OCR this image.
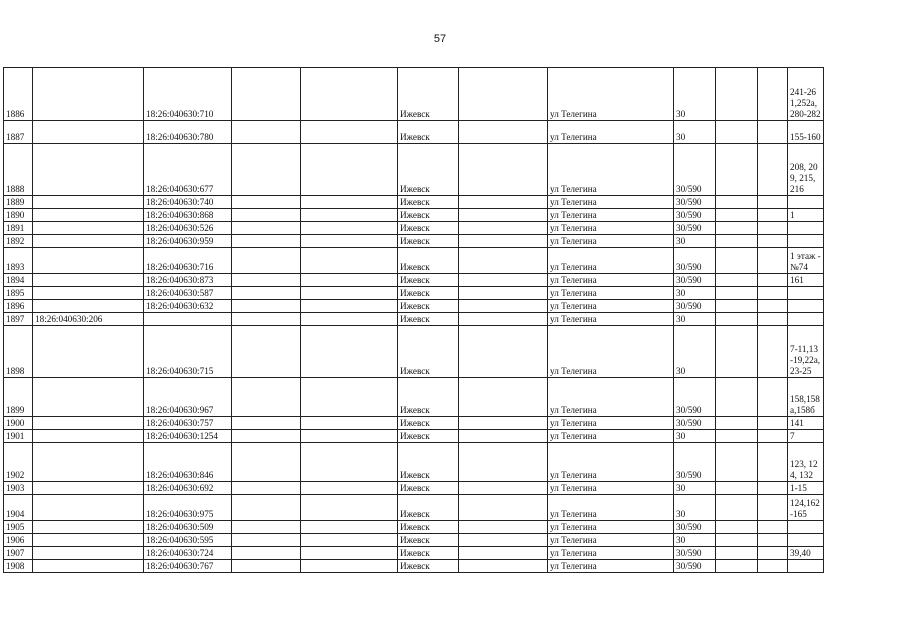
57
1886		18:26:040630:710			Ижевск		ул Телегина	30			241-261,252а,280-282
1887		18:26:040630:780			Ижевск		ул Телегина	30			155-160
1888		18:26:040630:677			Ижевск		ул Телегина	30/590			208, 209, 215, 216
1889		18:26:040630:740			Ижевск		ул Телегина	30/590			
1890		18:26:040630:868			Ижевск		ул Телегина	30/590			1
1891		18:26:040630:526			Ижевск		ул Телегина	30/590			
1892		18:26:040630:959			Ижевск		ул Телегина	30			
1893		18:26:040630:716			Ижевск		ул Телегина	30/590			1 этаж - №74
1894		18:26:040630:873			Ижевск		ул Телегина	30/590			161
1895		18:26:040630:587			Ижевск		ул Телегина	30			
1896		18:26:040630:632			Ижевск		ул Телегина	30/590			
1897	18:26:040630:206				Ижевск		ул Телегина	30			
1898		18:26:040630:715			Ижевск		ул Телегина	30			7-11,13-19,22а, 23-25
1899		18:26:040630:967			Ижевск		ул Телегина	30/590			158,158а,158б
1900		18:26:040630:757			Ижевск		ул Телегина	30/590			141
1901		18:26:040630:1254			Ижевск		ул Телегина	30			7
1902		18:26:040630:846			Ижевск		ул Телегина	30/590			123, 124, 132
1903		18:26:040630:692			Ижевск		ул Телегина	30			1-15
1904		18:26:040630:975			Ижевск		ул Телегина	30			124,162-165
1905		18:26:040630:509			Ижевск		ул Телегина	30/590			
1906		18:26:040630:595			Ижевск		ул Телегина	30			
1907		18:26:040630:724			Ижевск		ул Телегина	30/590			39,40
1908		18:26:040630:767			Ижевск		ул Телегина	30/590			
